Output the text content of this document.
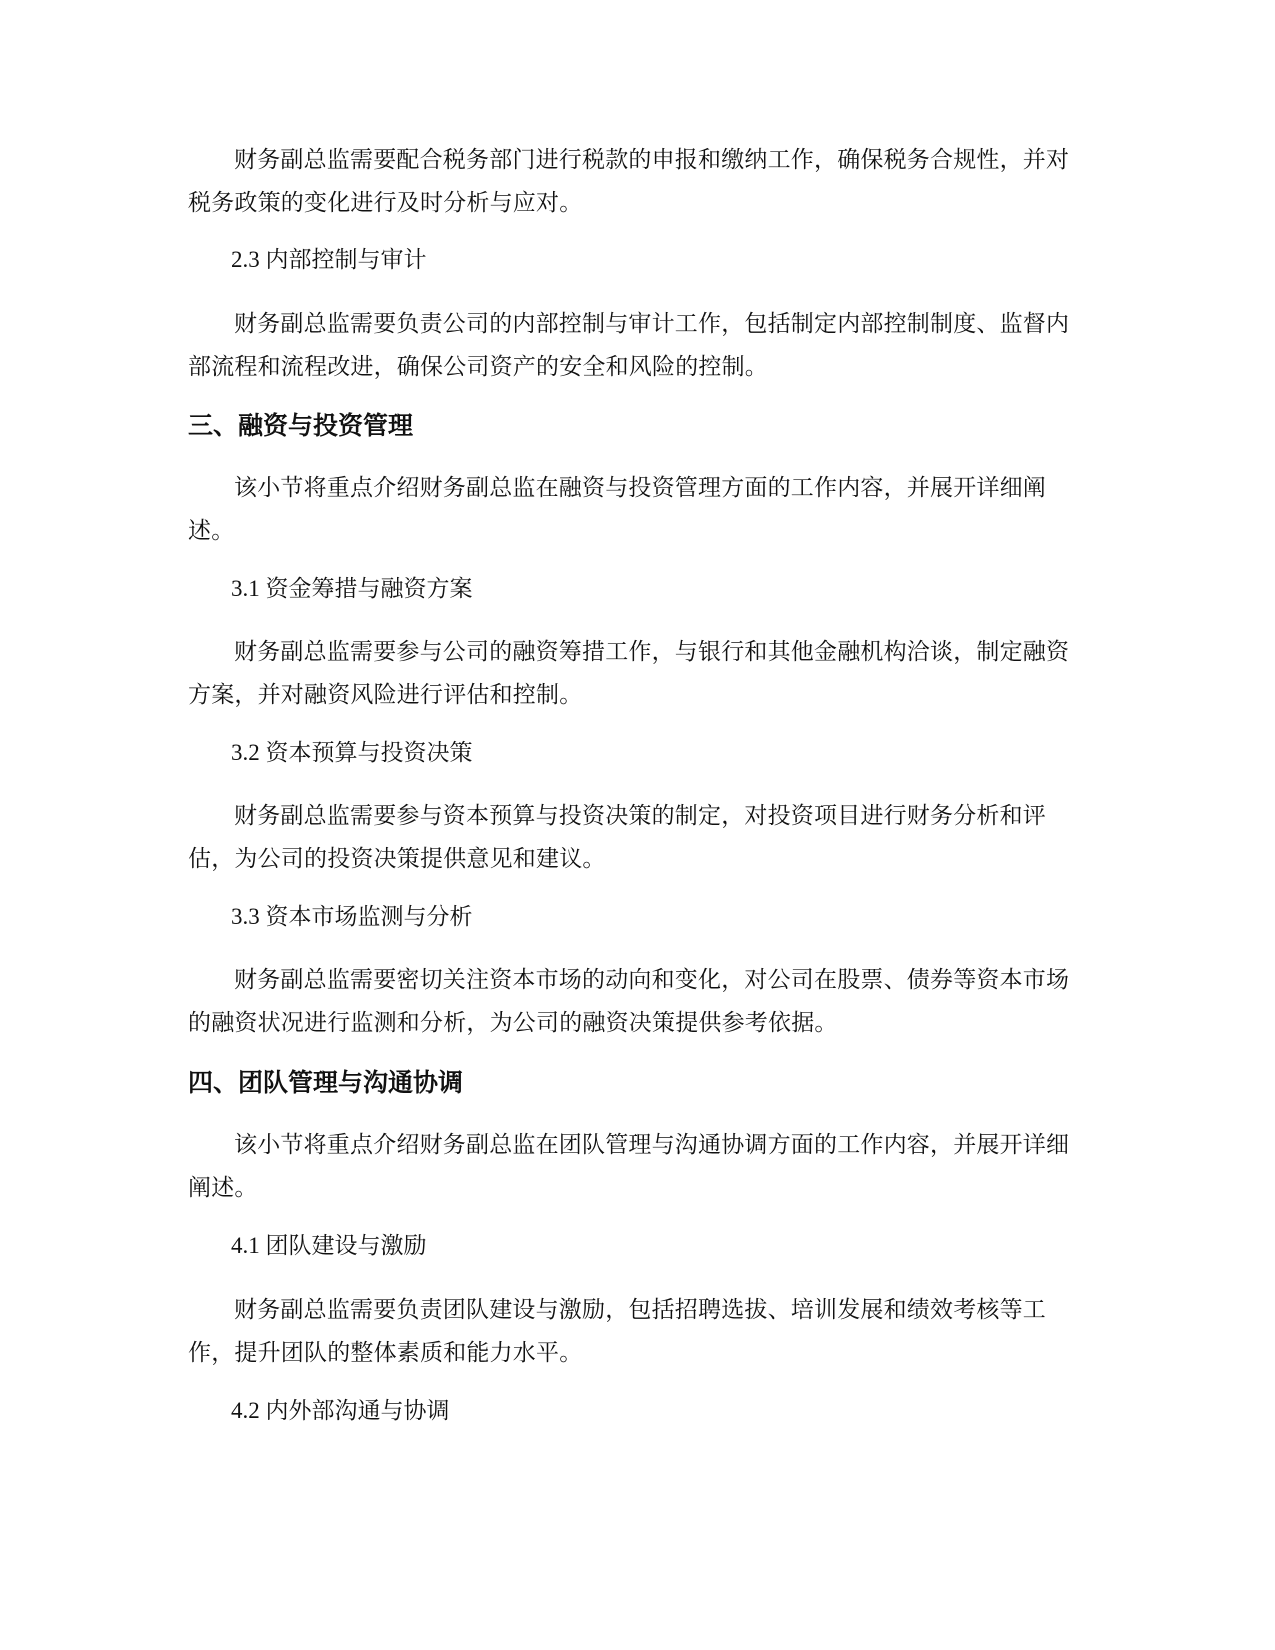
财务副总监需要配合税务部门进行税款的申报和缴纳工作，确保税务合规性，并对税务政策的变化进行及时分析与应对。

2.3 内部控制与审计

财务副总监需要负责公司的内部控制与审计工作，包括制定内部控制制度、监督内部流程和流程改进，确保公司资产的安全和风险的控制。

三、融资与投资管理

该小节将重点介绍财务副总监在融资与投资管理方面的工作内容，并展开详细阐述。

3.1 资金筹措与融资方案

财务副总监需要参与公司的融资筹措工作，与银行和其他金融机构洽谈，制定融资方案，并对融资风险进行评估和控制。

3.2 资本预算与投资决策

财务副总监需要参与资本预算与投资决策的制定，对投资项目进行财务分析和评估，为公司的投资决策提供意见和建议。

3.3 资本市场监测与分析

财务副总监需要密切关注资本市场的动向和变化，对公司在股票、债券等资本市场的融资状况进行监测和分析，为公司的融资决策提供参考依据。

四、团队管理与沟通协调

该小节将重点介绍财务副总监在团队管理与沟通协调方面的工作内容，并展开详细阐述。

4.1 团队建设与激励

财务副总监需要负责团队建设与激励，包括招聘选拔、培训发展和绩效考核等工作，提升团队的整体素质和能力水平。

4.2 内外部沟通与协调
